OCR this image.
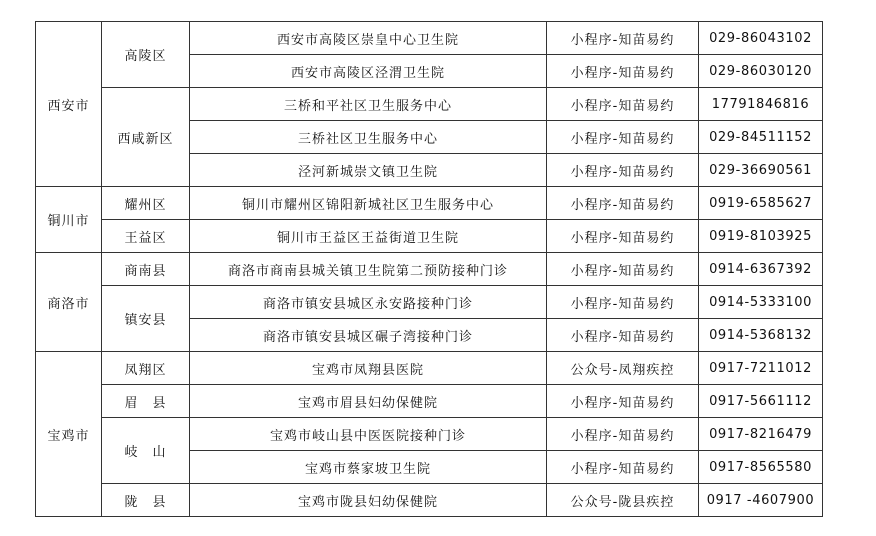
西安市	高陵区	西安市高陵区崇皇中心卫生院	小程序-知苗易约	029-86043102
		西安市高陵区泾渭卫生院	小程序-知苗易约	029-86030120
	西咸新区	三桥和平社区卫生服务中心	小程序-知苗易约	17791846816
		三桥社区卫生服务中心	小程序-知苗易约	029-84511152
		泾河新城崇文镇卫生院	小程序-知苗易约	029-36690561
铜川市	耀州区	铜川市耀州区锦阳新城社区卫生服务中心	小程序-知苗易约	0919-6585627
	王益区	铜川市王益区王益街道卫生院	小程序-知苗易约	0919-8103925
商洛市	商南县	商洛市商南县城关镇卫生院第二预防接种门诊	小程序-知苗易约	0914-6367392
	镇安县	商洛市镇安县城区永安路接种门诊	小程序-知苗易约	0914-5333100
		商洛市镇安县城区碾子湾接种门诊	小程序-知苗易约	0914-5368132
宝鸡市	凤翔区	宝鸡市凤翔县医院	公众号-凤翔疾控	0917-7211012
	眉　县	宝鸡市眉县妇幼保健院	小程序-知苗易约	0917-5661112
	岐　山	宝鸡市岐山县中医医院接种门诊	小程序-知苗易约	0917-8216479
		宝鸡市蔡家坡卫生院	小程序-知苗易约	0917-8565580
	陇　县	宝鸡市陇县妇幼保健院	公众号-陇县疾控	0917 -4607900
